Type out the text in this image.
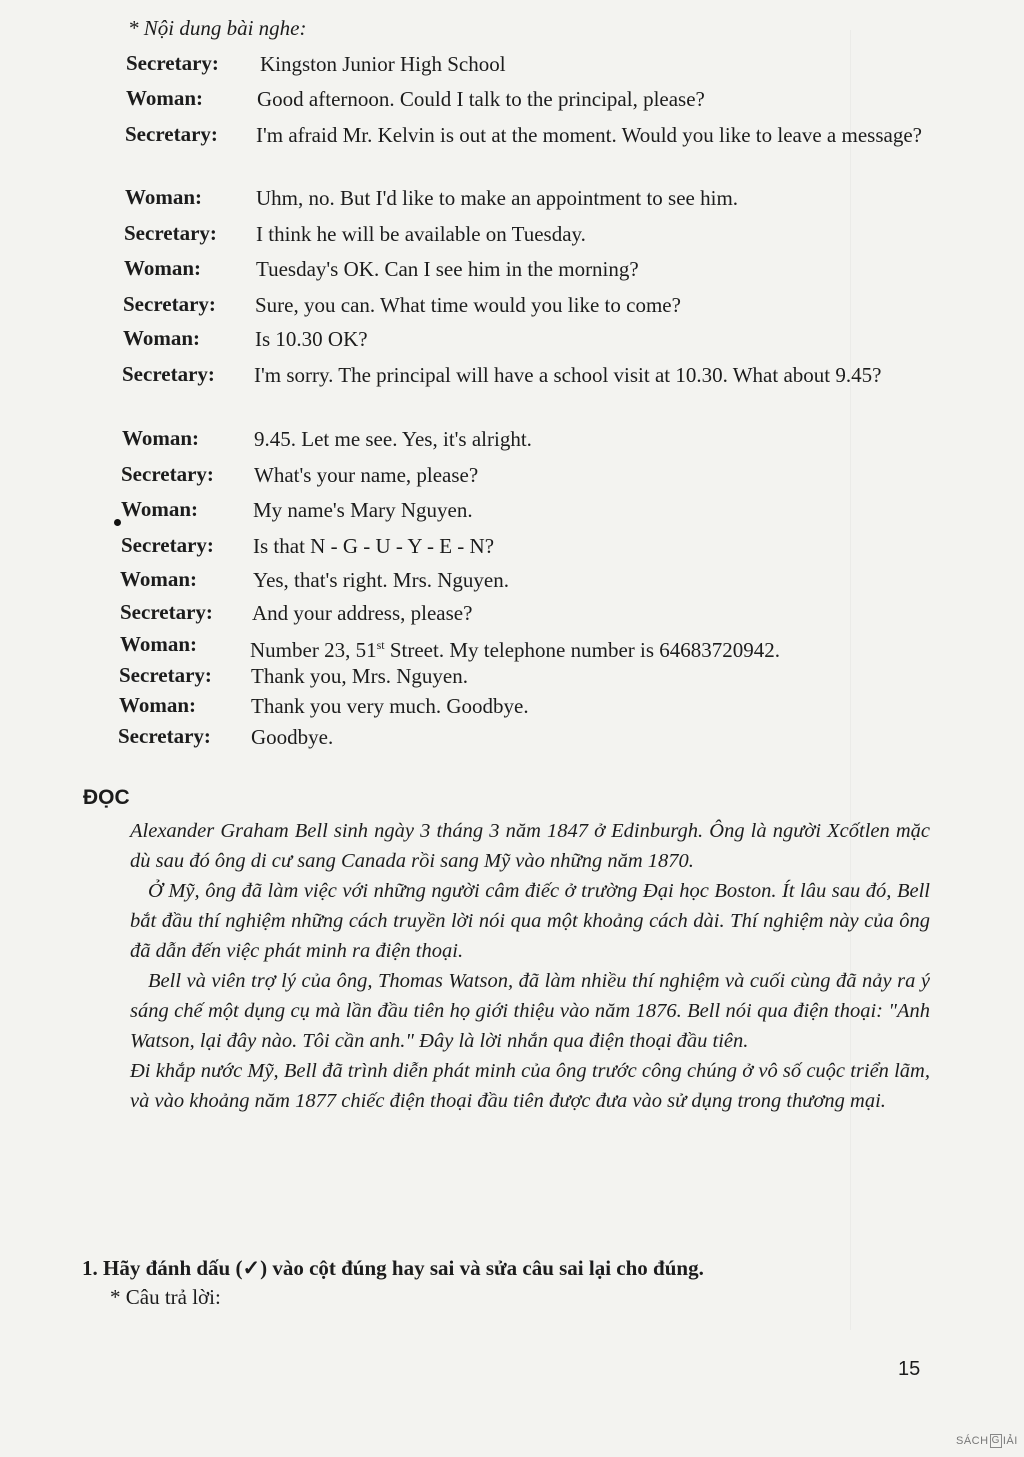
* Nội dung bài nghe:
Secretary: Kingston Junior High School
Woman:	Good afternoon. Could I talk to the principal, please?
Secretary: I'm afraid Mr. Kelvin is out at the moment. Would you like to leave a message?
Woman:	Uhm, no. But I'd like to make an appointment to see him.
Secretary: I think he will be available on Tuesday.
Woman:	Tuesday's OK. Can I see him in the morning?
Secretary: Sure, you can. What time would you like to come?
Woman:	Is 10.30 OK?
Secretary: I'm sorry. The principal will have a school visit at 10.30. What about 9.45?
Woman:	9.45. Let me see. Yes, it's alright.
Secretary: What's your name, please?
Woman:	My name's Mary Nguyen.
Secretary: Is that N - G - U - Y - E - N?
Woman:	Yes, that's right. Mrs. Nguyen.
Secretary: And your address, please?
Woman:	Number 23, 51st Street. My telephone number is 64683720942.
Secretary: Thank you, Mrs. Nguyen.
Woman:	Thank you very much. Goodbye.
Secretary: Goodbye.
ĐỌC

Alexander Graham Bell sinh ngày 3 tháng 3 năm 1847 ở Edinburgh. Ông là người Xcốtlen mặc dù sau đó ông di cư sang Canada rồi sang Mỹ vào những năm 1870.

Ở Mỹ, ông đã làm việc với những người câm điếc ở trường Đại học Boston. Ít lâu sau đó, Bell bắt đầu thí nghiệm những cách truyền lời nói qua một khoảng cách dài. Thí nghiệm này của ông đã dẫn đến việc phát minh ra điện thoại.

Bell và viên trợ lý của ông, Thomas Watson, đã làm nhiều thí nghiệm và cuối cùng đã nảy ra ý sáng chế một dụng cụ mà lần đầu tiên họ giới thiệu vào năm 1876. Bell nói qua điện thoại: "Anh Watson, lại đây nào. Tôi cần anh." Đây là lời nhắn qua điện thoại đầu tiên.

Đi khắp nước Mỹ, Bell đã trình diễn phát minh của ông trước công chúng ở vô số cuộc triển lãm, và vào khoảng năm 1877 chiếc điện thoại đầu tiên được đưa vào sử dụng trong thương mại.

1. Hãy đánh dấu (✓) vào cột đúng hay sai và sửa câu sai lại cho đúng.
* Câu trả lời:
15
SÁCH G IẢI
